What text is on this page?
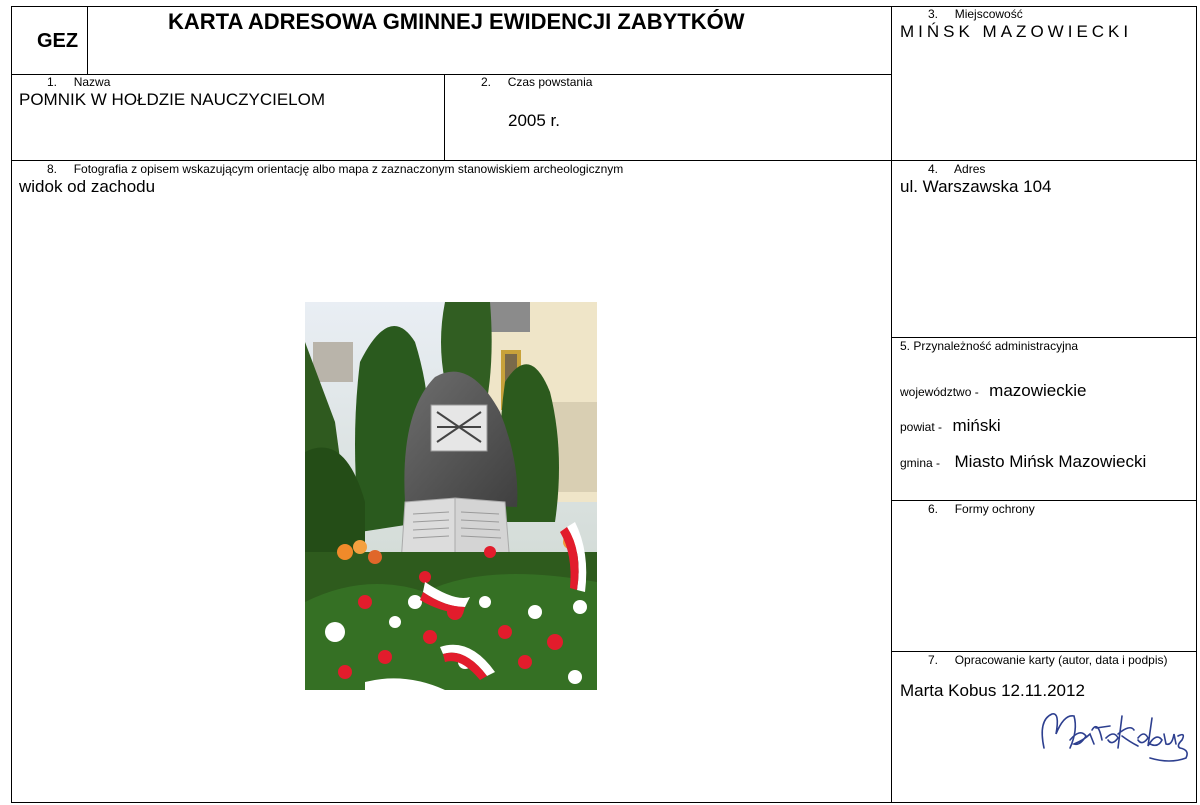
GEZ
KARTA ADRESOWA GMINNEJ EWIDENCJI ZABYTKÓW	3. Miejscowość
MIŃSK MAZOWIECKI
1. Nazwa
POMNIK W HOŁDZIE NAUCZYCIELOM
2. Czas powstania
2005 r.
8. Fotografia z opisem wskazującym orientację albo mapa z zaznaczonym stanowiskiem archeologicznym
widok od zachodu
4. Adres
ul. Warszawska 104
5. Przynależność administracyjna
województwo - mazowieckie
powiat - miński
gmina - Miasto Mińsk Mazowiecki
6. Formy ochrony
7. Opracowanie karty (autor, data i podpis)
Marta Kobus 12.11.2012
